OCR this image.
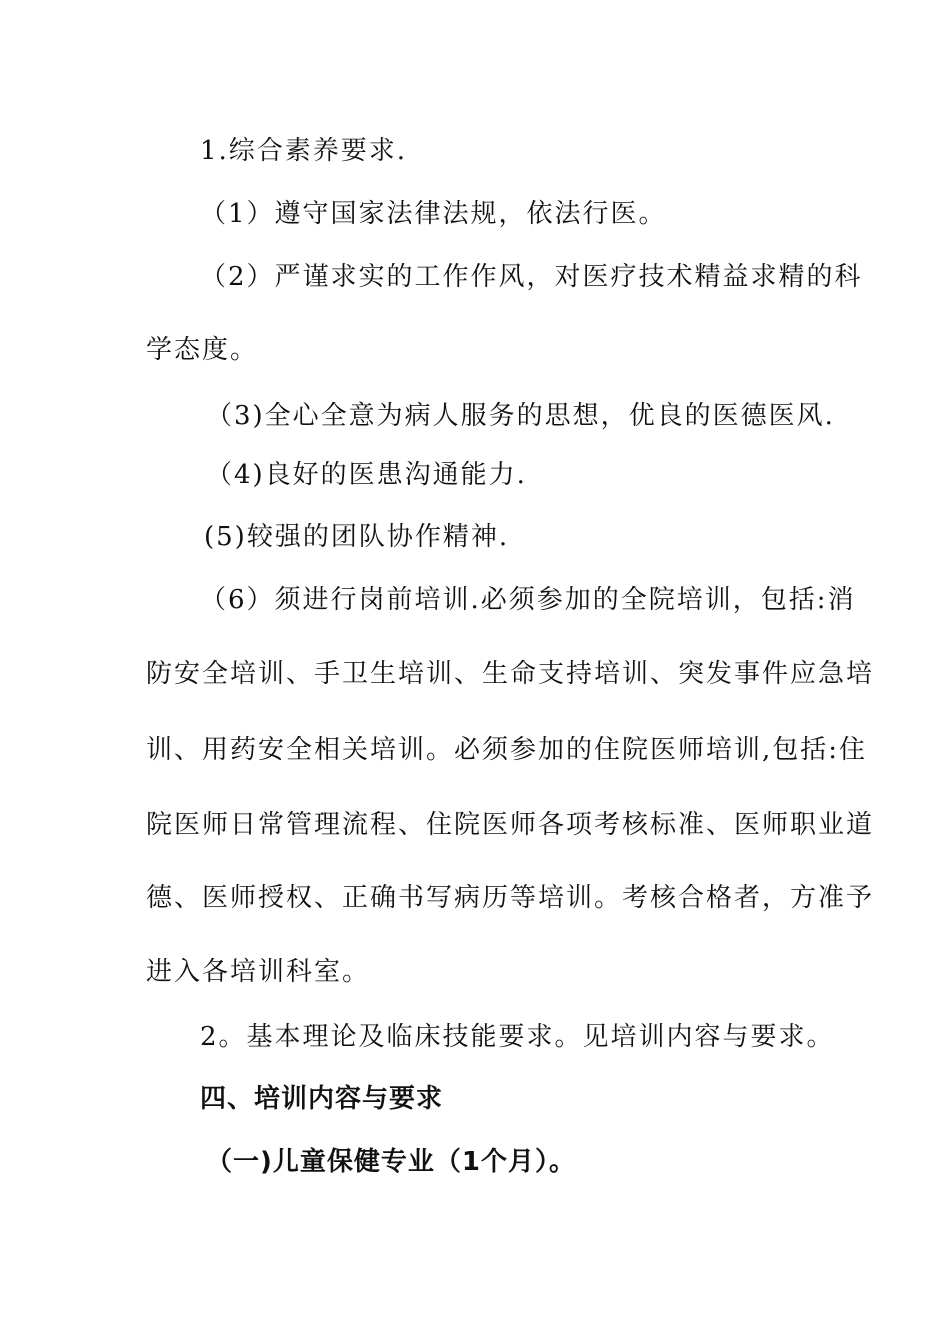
1.综合素养要求.
（1）遵守国家法律法规，依法行医。
（2）严谨求实的工作作风，对医疗技术精益求精的科
学态度。
（3)全心全意为病人服务的思想，优良的医德医风.
（4)良好的医患沟通能力.
(5)较强的团队协作精神.
（6）须进行岗前培训.必须参加的全院培训，包括:消
防安全培训、手卫生培训、生命支持培训、突发事件应急培
训、用药安全相关培训。必须参加的住院医师培训,包括:住
院医师日常管理流程、住院医师各项考核标准、医师职业道
德、医师授权、正确书写病历等培训。考核合格者，方准予
进入各培训科室。
2。基本理论及临床技能要求。见培训内容与要求。
四、培训内容与要求
（一)儿童保健专业（1个月）。
